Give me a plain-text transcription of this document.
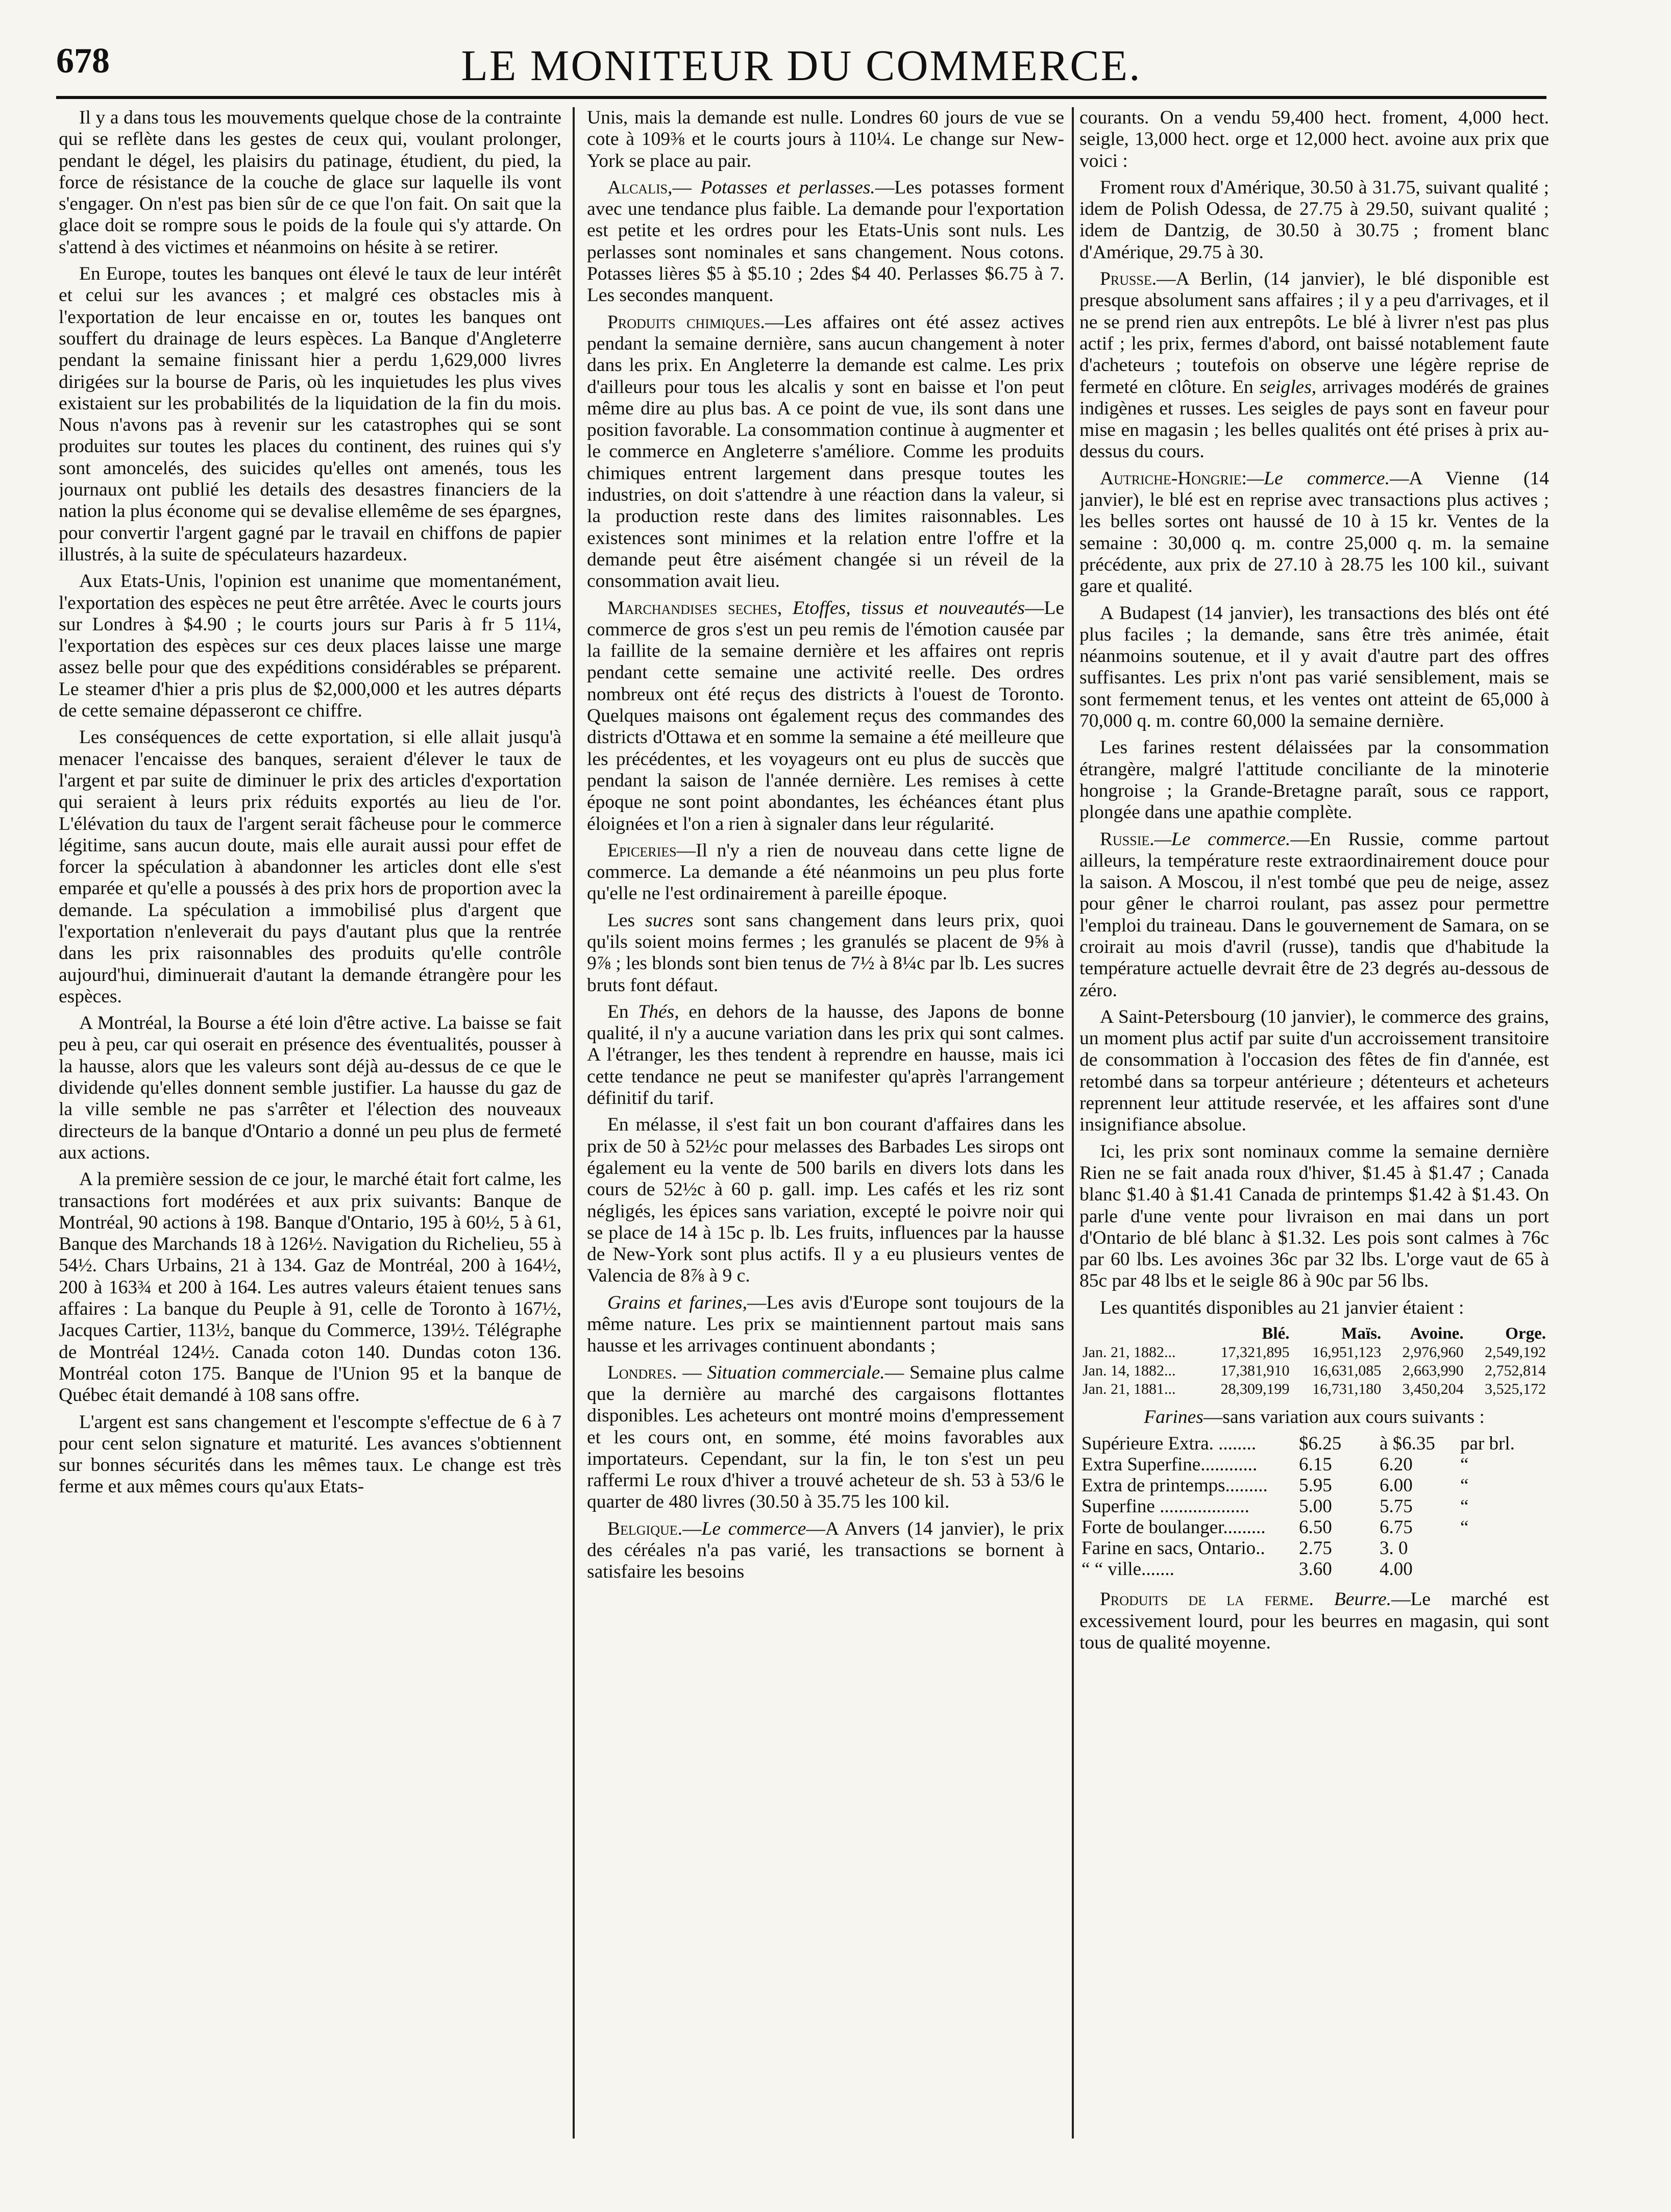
678	LE MONITEUR DU COMMERCE.

Il y a dans tous les mouvements quelque chose de la contrainte qui se reflète dans les gestes de ceux qui, voulant prolonger, pendant le dégel, les plaisirs du patinage, étudient, du pied, la force de résistance de la couche de glace sur laquelle ils vont s'engager. On n'est pas bien sûr de ce que l'on fait. On sait que la glace doit se rompre sous le poids de la foule qui s'y attarde. On s'attend à des victimes et néanmoins on hésite à se retirer.

En Europe, toutes les banques ont élevé le taux de leur intérêt et celui sur les avances ; et malgré ces obstacles mis à l'exportation de leur encaisse en or, toutes les banques ont souffert du drainage de leurs espèces. La Banque d'Angleterre pendant la semaine finissant hier a perdu 1,629,000 livres dirigées sur la bourse de Paris, où les inquietudes les plus vives existaient sur les probabilités de la liquidation de la fin du mois. Nous n'avons pas à revenir sur les catastrophes qui se sont produites sur toutes les places du continent, des ruines qui s'y sont amoncelés, des suicides qu'elles ont amenés, tous les journaux ont publié les details des desastres financiers de la nation la plus économe qui se devalise ellemême de ses épargnes, pour convertir l'argent gagné par le travail en chiffons de papier illustrés, à la suite de spéculateurs hazardeux.

Aux Etats-Unis, l'opinion est unanime que momentanément, l'exportation des espèces ne peut être arrêtée. Avec le courts jours sur Londres à $4.90 ; le courts jours sur Paris à fr 5 11¼, l'exportation des espèces sur ces deux places laisse une marge assez belle pour que des expéditions considérables se préparent. Le steamer d'hier a pris plus de $2,000,000 et les autres départs de cette semaine dépasseront ce chiffre.

Les conséquences de cette exportation, si elle allait jusqu'à menacer l'encaisse des banques, seraient d'élever le taux de l'argent et par suite de diminuer le prix des articles d'exportation qui seraient à leurs prix réduits exportés au lieu de l'or. L'élévation du taux de l'argent serait fâcheuse pour le commerce légitime, sans aucun doute, mais elle aurait aussi pour effet de forcer la spéculation à abandonner les articles dont elle s'est emparée et qu'elle a poussés à des prix hors de proportion avec la demande. La spéculation a immobilisé plus d'argent que l'exportation n'enleverait du pays d'autant plus que la rentrée dans les prix raisonnables des produits qu'elle contrôle aujourd'hui, diminuerait d'autant la demande étrangère pour les espèces.

A Montréal, la Bourse a été loin d'être active. La baisse se fait peu à peu, car qui oserait en présence des éventualités, pousser à la hausse, alors que les valeurs sont déjà au-dessus de ce que le dividende qu'elles donnent semble justifier. La hausse du gaz de la ville semble ne pas s'arrêter et l'élection des nouveaux directeurs de la banque d'Ontario a donné un peu plus de fermeté aux actions.

A la première session de ce jour, le marché était fort calme, les transactions fort modérées et aux prix suivants: Banque de Montréal, 90 actions à 198. Banque d'Ontario, 195 à 60½, 5 à 61, Banque des Marchands 18 à 126½. Navigation du Richelieu, 55 à 54½. Chars Urbains, 21 à 134. Gaz de Montréal, 200 à 164½, 200 à 163¾ et 200 à 164. Les autres valeurs étaient tenues sans affaires : La banque du Peuple à 91, celle de Toronto à 167½, Jacques Cartier, 113½, banque du Commerce, 139½. Télégraphe de Montréal 124½. Canada coton 140. Dundas coton 136. Montréal coton 175. Banque de l'Union 95 et la banque de Québec était demandé à 108 sans offre.

L'argent est sans changement et l'escompte s'effectue de 6 à 7 pour cent selon signature et maturité. Les avances s'obtiennent sur bonnes sécurités dans les mêmes taux. Le change est très ferme et aux mêmes cours qu'aux Etats-

Unis, mais la demande est nulle. Londres 60 jours de vue se cote à 109⅜ et le courts jours à 110¼. Le change sur New-York se place au pair.

Alcalis,— Potasses et perlasses.—Les potasses forment avec une tendance plus faible. La demande pour l'exportation est petite et les ordres pour les Etats-Unis sont nuls. Les perlasses sont nominales et sans changement. Nous cotons. Potasses lières $5 à $5.10 ; 2des $4 40. Perlasses $6.75 à 7. Les secondes manquent.

Produits chimiques.—Les affaires ont été assez actives pendant la semaine dernière, sans aucun changement à noter dans les prix. En Angleterre la demande est calme. Les prix d'ailleurs pour tous les alcalis y sont en baisse et l'on peut même dire au plus bas. A ce point de vue, ils sont dans une position favorable. La consommation continue à augmenter et le commerce en Angleterre s'améliore. Comme les produits chimiques entrent largement dans presque toutes les industries, on doit s'attendre à une réaction dans la valeur, si la production reste dans des limites raisonnables. Les existences sont minimes et la relation entre l'offre et la demande peut être aisément changée si un réveil de la consommation avait lieu.

Marchandises seches, Etoffes, tissus et nouveautés—Le commerce de gros s'est un peu remis de l'émotion causée par la faillite de la semaine dernière et les affaires ont repris pendant cette semaine une activité reelle. Des ordres nombreux ont été reçus des districts à l'ouest de Toronto. Quelques maisons ont également reçus des commandes des districts d'Ottawa et en somme la semaine a été meilleure que les précédentes, et les voyageurs ont eu plus de succès que pendant la saison de l'année dernière. Les remises à cette époque ne sont point abondantes, les échéances étant plus éloignées et l'on a rien à signaler dans leur régularité.

Epiceries—Il n'y a rien de nouveau dans cette ligne de commerce. La demande a été néanmoins un peu plus forte qu'elle ne l'est ordinairement à pareille époque.

Les sucres sont sans changement dans leurs prix, quoi qu'ils soient moins fermes ; les granulés se placent de 9⅝ à 9⅞ ; les blonds sont bien tenus de 7½ à 8¼c par lb. Les sucres bruts font défaut.

En Thés, en dehors de la hausse, des Japons de bonne qualité, il n'y a aucune variation dans les prix qui sont calmes. A l'étranger, les thes tendent à reprendre en hausse, mais ici cette tendance ne peut se manifester qu'après l'arrangement définitif du tarif.

En mélasse, il s'est fait un bon courant d'affaires dans les prix de 50 à 52½c pour melasses des Barbades Les sirops ont également eu la vente de 500 barils en divers lots dans les cours de 52½c à 60 p. gall. imp. Les cafés et les riz sont négligés, les épices sans variation, excepté le poivre noir qui se place de 14 à 15c p. lb. Les fruits, influences par la hausse de New-York sont plus actifs. Il y a eu plusieurs ventes de Valencia de 8⅞ à 9 c.

Grains et farines,—Les avis d'Europe sont toujours de la même nature. Les prix se maintiennent partout mais sans hausse et les arrivages continuent abondants ;

Londres. — Situation commerciale.— Semaine plus calme que la dernière au marché des cargaisons flottantes disponibles. Les acheteurs ont montré moins d'empressement et les cours ont, en somme, été moins favorables aux importateurs. Cependant, sur la fin, le ton s'est un peu raffermi Le roux d'hiver a trouvé acheteur de sh. 53 à 53/6 le quarter de 480 livres (30.50 à 35.75 les 100 kil.

Belgique.—Le commerce—A Anvers (14 janvier), le prix des céréales n'a pas varié, les transactions se bornent à satisfaire les besoins

courants. On a vendu 59,400 hect. froment, 4,000 hect. seigle, 13,000 hect. orge et 12,000 hect. avoine aux prix que voici :

Froment roux d'Amérique, 30.50 à 31.75, suivant qualité ; idem de Polish Odessa, de 27.75 à 29.50, suivant qualité ; idem de Dantzig, de 30.50 à 30.75 ; froment blanc d'Amérique, 29.75 à 30.

Prusse.—A Berlin, (14 janvier), le blé disponible est presque absolument sans affaires ; il y a peu d'arrivages, et il ne se prend rien aux entrepôts. Le blé à livrer n'est pas plus actif ; les prix, fermes d'abord, ont baissé notablement faute d'acheteurs ; toutefois on observe une légère reprise de fermeté en clôture. En seigles, arrivages modérés de graines indigènes et russes. Les seigles de pays sont en faveur pour mise en magasin ; les belles qualités ont été prises à prix au-dessus du cours.

Autriche-Hongrie:—Le commerce.—A Vienne (14 janvier), le blé est en reprise avec transactions plus actives ; les belles sortes ont haussé de 10 à 15 kr. Ventes de la semaine : 30,000 q. m. contre 25,000 q. m. la semaine précédente, aux prix de 27.10 à 28.75 les 100 kil., suivant gare et qualité.

A Budapest (14 janvier), les transactions des blés ont été plus faciles ; la demande, sans être très animée, était néanmoins soutenue, et il y avait d'autre part des offres suffisantes. Les prix n'ont pas varié sensiblement, mais se sont fermement tenus, et les ventes ont atteint de 65,000 à 70,000 q. m. contre 60,000 la semaine dernière.

Les farines restent délaissées par la consommation étrangère, malgré l'attitude conciliante de la minoterie hongroise ; la Grande-Bretagne paraît, sous ce rapport, plongée dans une apathie complète.

Russie.—Le commerce.—En Russie, comme partout ailleurs, la température reste extraordinairement douce pour la saison. A Moscou, il n'est tombé que peu de neige, assez pour gêner le charroi roulant, pas assez pour permettre l'emploi du traineau. Dans le gouvernement de Samara, on se croirait au mois d'avril (russe), tandis que d'habitude la température actuelle devrait être de 23 degrés au-dessous de zéro.

A Saint-Petersbourg (10 janvier), le commerce des grains, un moment plus actif par suite d'un accroissement transitoire de consommation à l'occasion des fêtes de fin d'année, est retombé dans sa torpeur antérieure ; détenteurs et acheteurs reprennent leur attitude reservée, et les affaires sont d'une insignifiance absolue.

Ici, les prix sont nominaux comme la semaine dernière Rien ne se fait anada roux d'hiver, $1.45 à $1.47 ; Canada blanc $1.40 à $1.41 Canada de printemps $1.42 à $1.43. On parle d'une vente pour livraison en mai dans un port d'Ontario de blé blanc à $1.32. Les pois sont calmes à 76c par 60 lbs. Les avoines 36c par 32 lbs. L'orge vaut de 65 à 85c par 48 lbs et le seigle 86 à 90c par 56 lbs.

Les quantités disponibles au 21 janvier étaient :

	Blé.	Maïs.	Avoine.	Orge.
Jan. 21, 1882...	17,321,895	16,951,123	2,976,960	2,549,192
Jan. 14, 1882...	17,381,910	16,631,085	2,663,990	2,752,814
Jan. 21, 1881...	28,309,199	16,731,180	3,450,204	3,525,172

Farines—sans variation aux cours suivants :

Supérieure Extra. ........	$6.25	à $6.35	par brl.
Extra Superfine............	6.15	6.20	“
Extra de printemps.........	5.95	6.00	“
Superfine ...................	5.00	5.75	“
Forte de boulanger.........	6.50	6.75	“
Farine en sacs, Ontario..	2.75	3. 0	
“ “ ville.......	3.60	4.00	

Produits de la ferme. Beurre.—Le marché est excessivement lourd, pour les beurres en magasin, qui sont tous de qualité moyenne.
